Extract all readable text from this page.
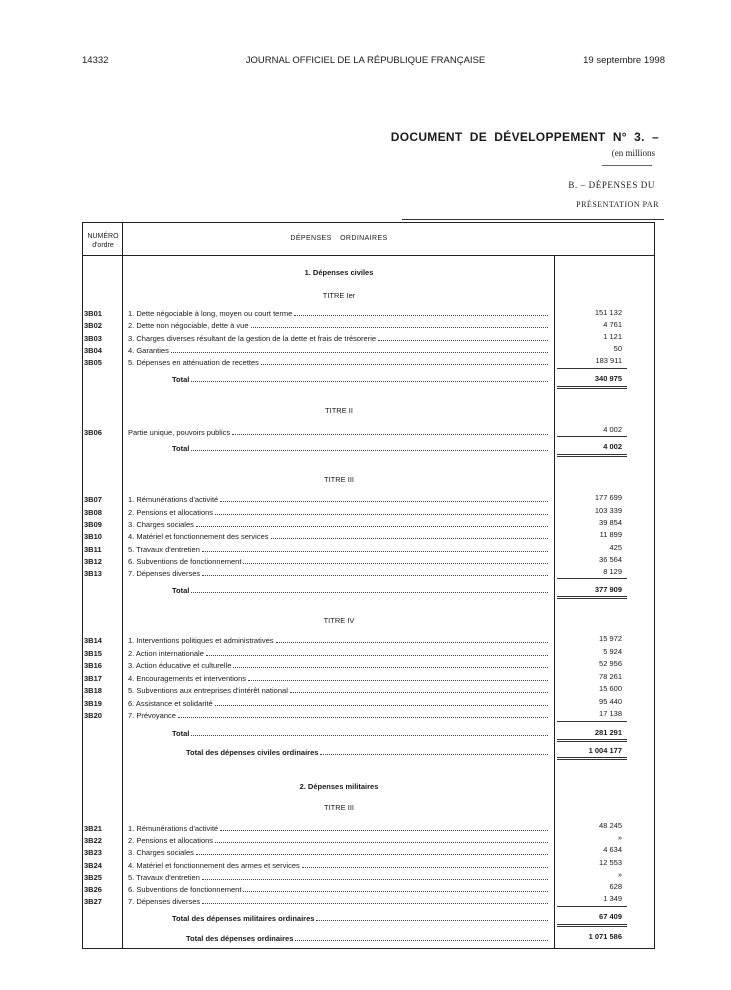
14332	JOURNAL OFFICIEL DE LA RÉPUBLIQUE FRANÇAISE	19 septembre 1998
DOCUMENT  DE  DÉVELOPPEMENT  N°  3.  –
(en millions
B. – DÉPENSES DU
PRÉSENTATION PAR
NUMÉRO
d'ordre
DÉPENSES ORDINAIRES
1. Dépenses civiles
TITRE Ier
TITRE II
TITRE III
TITRE IV
2. Dépenses militaires
TITRE III
3B01	1. Dette négociable à long, moyen ou court terme	151 132
3B02	2. Dette non négociable, dette à vue	4 761
3B03	3. Charges diverses résultant de la gestion de la dette et frais de trésorerie	1 121
3B04	4. Garanties	50
3B05	5. Dépenses en atténuation de recettes	183 911
Total	340 975
3B06	Partie unique, pouvoirs publics	4 002
Total	4 002
3B07	1. Rémunérations d'activité	177 699
3B08	2. Pensions et allocations	103 339
3B09	3. Charges sociales	39 854
3B10	4. Matériel et fonctionnement des services	11 899
3B11	5. Travaux d'entretien	425
3B12	6. Subventions de fonctionnement	36 564
3B13	7. Dépenses diverses	8 129
Total	377 909
3B14	1. Interventions politiques et administratives	15 972
3B15	2. Action internationale	5 924
3B16	3. Action éducative et culturelle	52 956
3B17	4. Encouragements et interventions	78 261
3B18	5. Subventions aux entreprises d'intérêt national	15 600
3B19	6. Assistance et solidarité	95 440
3B20	7. Prévoyance	17 138
Total	281 291
Total des dépenses civiles ordinaires	1 004 177
3B21	1. Rémunérations d'activité	48 245
3B22	2. Pensions et allocations	»
3B23	3. Charges sociales	4 634
3B24	4. Matériel et fonctionnement des armes et services	12 553
3B25	5. Travaux d'entretien	»
3B26	6. Subventions de fonctionnement	628
3B27	7. Dépenses diverses	1 349
Total des dépenses militaires ordinaires	67 409
Total des dépenses ordinaires	1 071 586
